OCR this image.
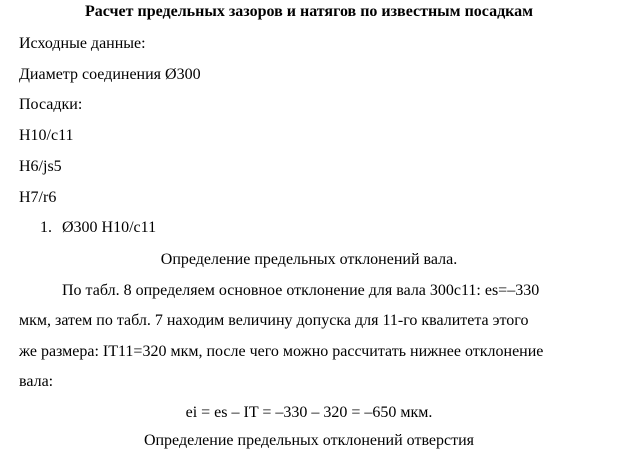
Расчет предельных зазоров и натягов по известным посадкам
Исходные данные:
Диаметр соединения Ø300
Посадки:
H10/c11
H6/js5
H7/r6
1. Ø300 H10/c11
Определение предельных отклонений вала.
По табл. 8 определяем основное отклонение для вала 300с11: es=–330
мкм, затем по табл. 7 находим величину допуска для 11-го квалитета этого
же размера: IT11=320 мкм, после чего можно рассчитать нижнее отклонение
вала:
ei = es – IT = –330 – 320 = –650 мкм.
Определение предельных отклонений отверстия
